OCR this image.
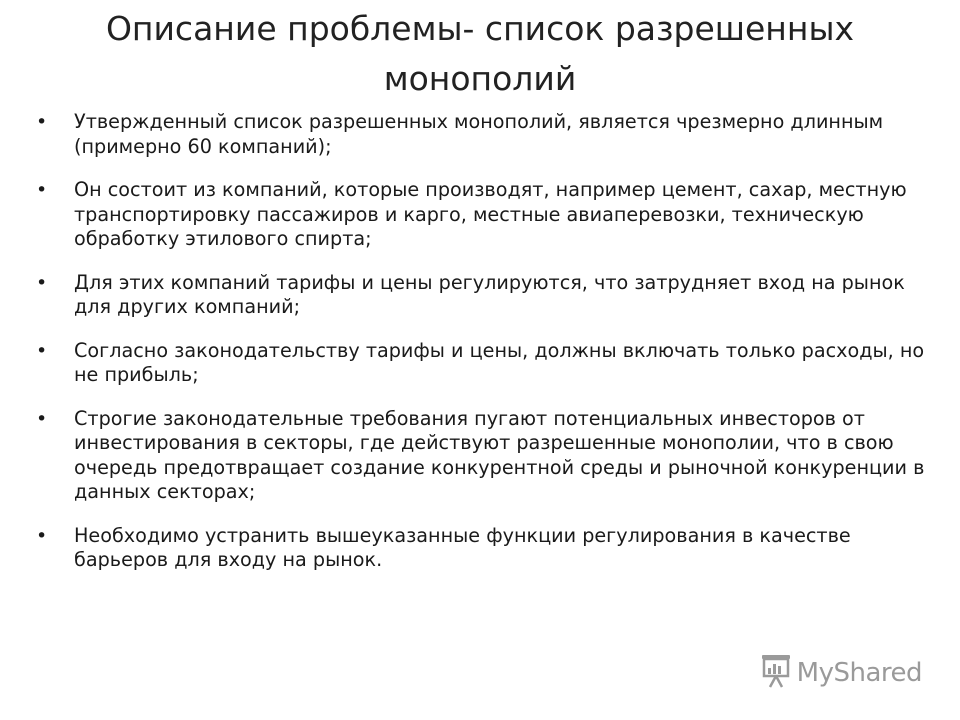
Описание проблемы- список разрешенных монополий
• Утвержденный список разрешенных монополий, является чрезмерно длинным (примерно 60 компаний);
• Он состоит из компаний, которые производят, например цемент, сахар, местную транспортировку пассажиров и карго, местные авиаперевозки, техническую обработку этилового спирта;
• Для этих компаний тарифы и цены регулируются, что затрудняет вход на рынок для других компаний;
• Согласно законодательству тарифы и цены, должны включать только расходы, но не прибыль;
• Строгие законодательные требования пугают потенциальных инвесторов от инвестирования в секторы, где действуют разрешенные монополии, что в свою очередь предотвращает создание конкурентной среды и рыночной конкуренции в данных секторах;
• Необходимо устранить вышеуказанные функции регулирования в качестве барьеров для входу на рынок.
MyShared
